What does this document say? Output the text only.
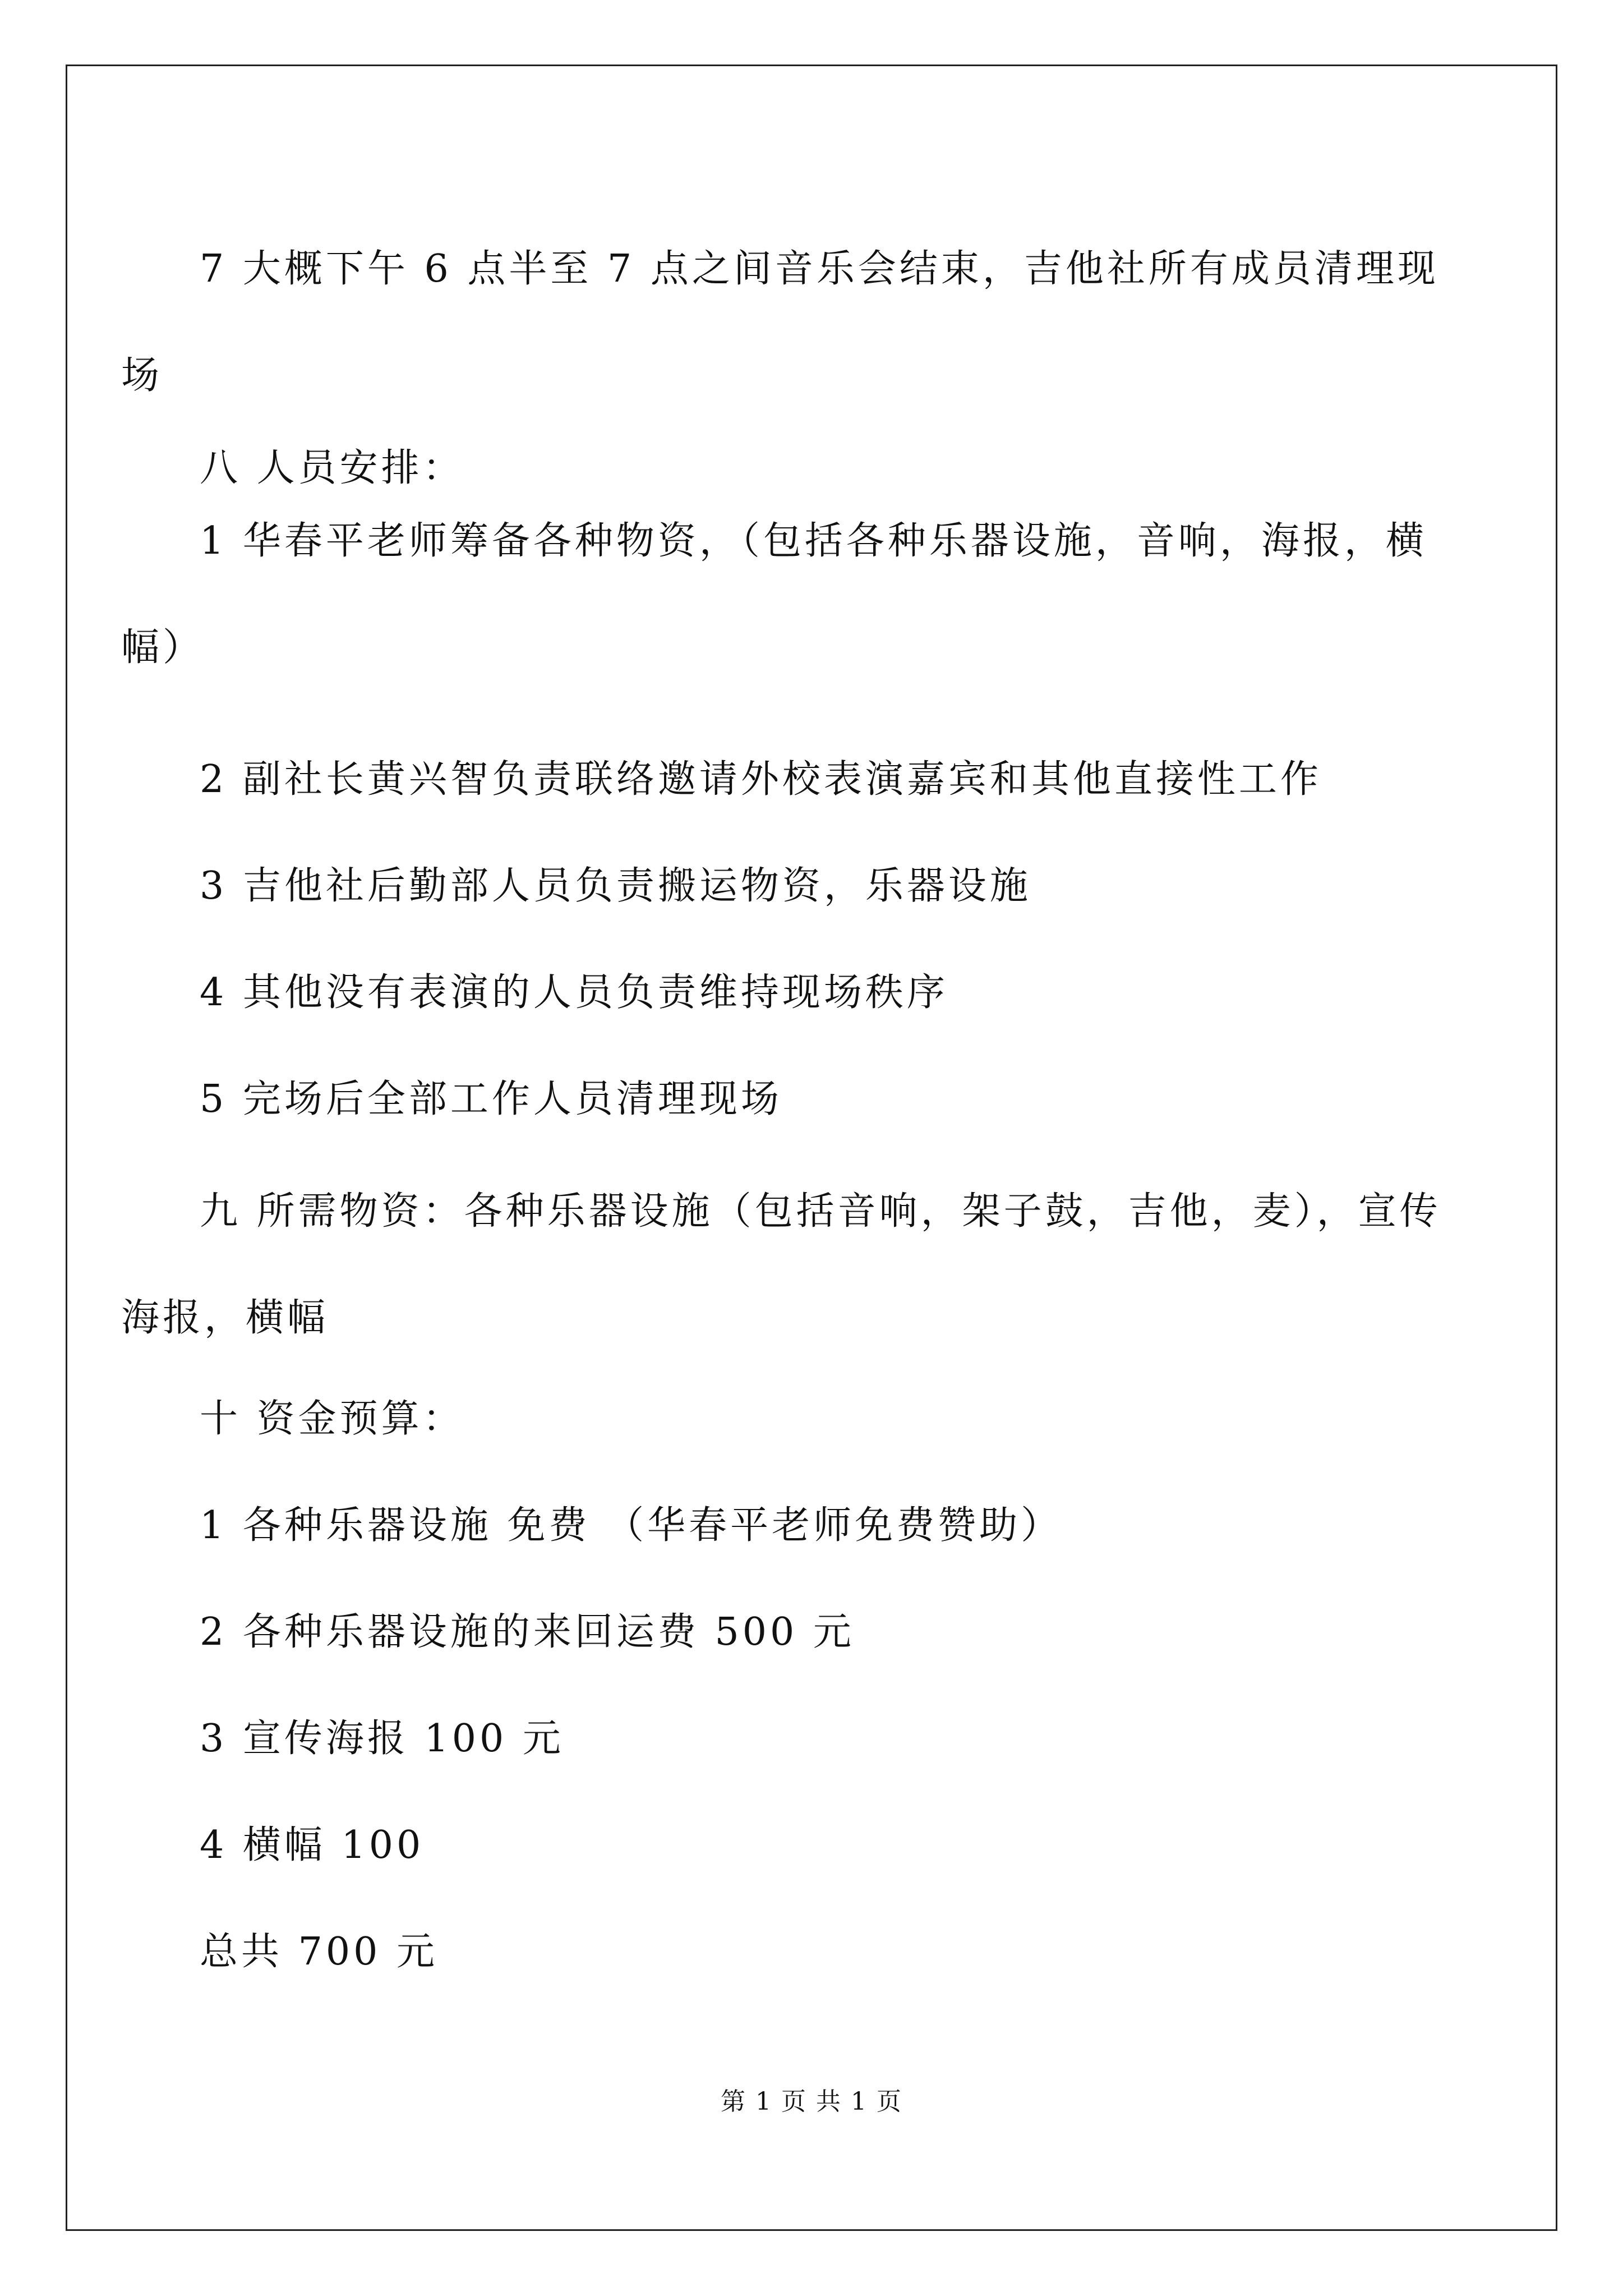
7 大概下午 6 点半至 7 点之间音乐会结束，吉他社所有成员清理现场

八 人员安排：

1 华春平老师筹备各种物资，（包括各种乐器设施，音响，海报，横幅）

2 副社长黄兴智负责联络邀请外校表演嘉宾和其他直接性工作

3 吉他社后勤部人员负责搬运物资，乐器设施

4 其他没有表演的人员负责维持现场秩序

5 完场后全部工作人员清理现场

九 所需物资：各种乐器设施（包括音响，架子鼓，吉他，麦），宣传海报，横幅

十 资金预算：

1 各种乐器设施 免费 （华春平老师免费赞助）

2 各种乐器设施的来回运费 500 元

3 宣传海报 100 元

4 横幅 100

总共 700 元

第 1 页 共 1 页
